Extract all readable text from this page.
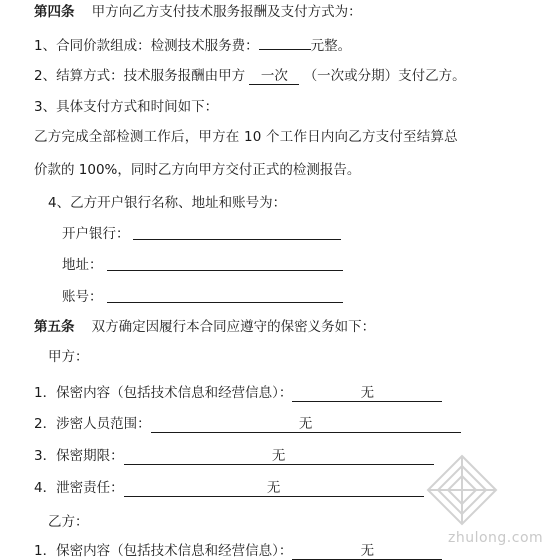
第四条 甲方向乙方支付技术服务报酬及支付方式为：
1、合同价款组成：检测技术服务费：	元整。
2、结算方式：技术服务报酬由甲方 一次 （一次或分期）支付乙方。
3、具体支付方式和时间如下：
乙方完成全部检测工作后，甲方在 10 个工作日内向乙方支付至结算总
价款的 100%，同时乙方向甲方交付正式的检测报告。
4、乙方开户银行名称、地址和账号为：
开户银行：
地址：
账号：
第五条 双方确定因履行本合同应遵守的保密义务如下：
甲方：
1．保密内容（包括技术信息和经营信息）：	无
2．涉密人员范围：	无
3．保密期限：	无
4．泄密责任：	无
乙方：
1．保密内容（包括技术信息和经营信息）：	无
zhulong.com
